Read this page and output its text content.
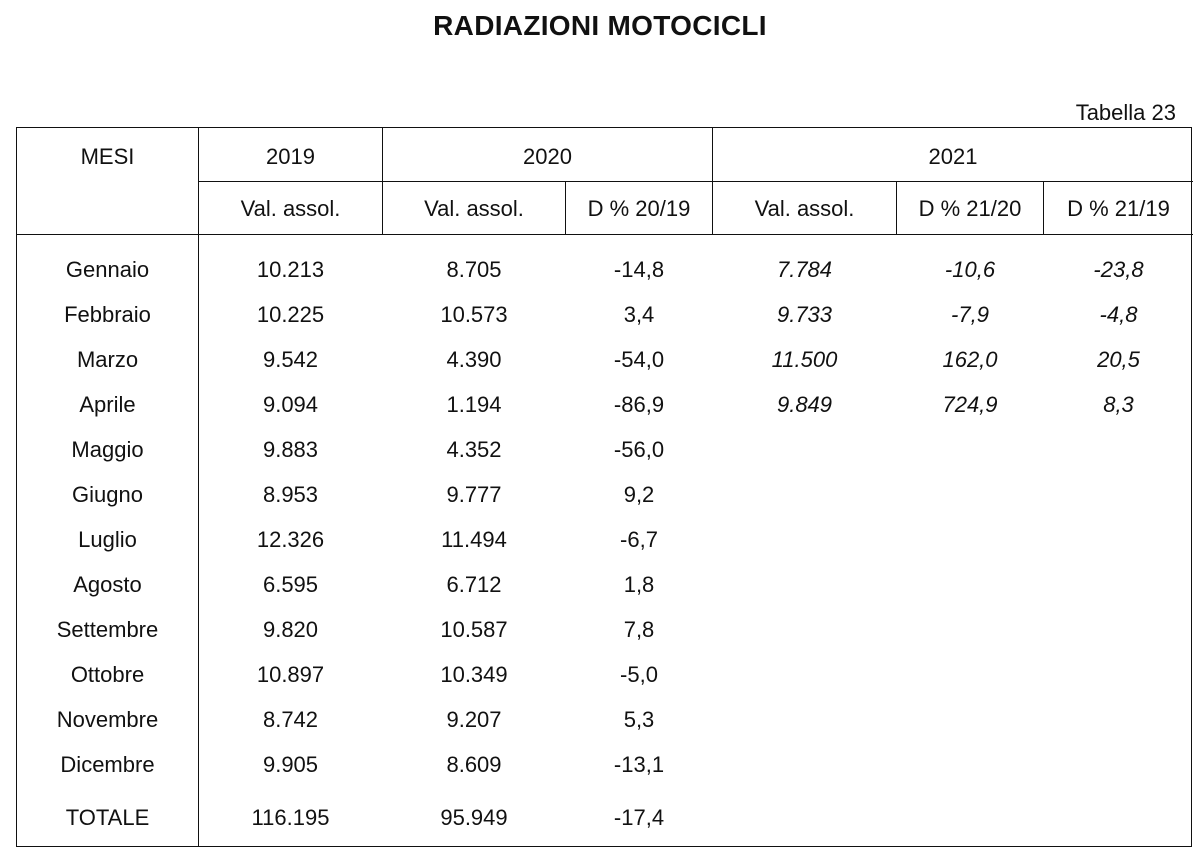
RADIAZIONI MOTOCICLI
Tabella 23
MESI	2019	2020	2021
Val. assol.	Val. assol.	D % 20/19	Val. assol.	D % 21/20	D % 21/19
Gennaio	10.213	8.705	-14,8	7.784	-10,6	-23,8
Febbraio	10.225	10.573	3,4	9.733	-7,9	-4,8
Marzo	9.542	4.390	-54,0	11.500	162,0	20,5
Aprile	9.094	1.194	-86,9	9.849	724,9	8,3
Maggio	9.883	4.352	-56,0
Giugno	8.953	9.777	9,2
Luglio	12.326	11.494	-6,7
Agosto	6.595	6.712	1,8
Settembre	9.820	10.587	7,8
Ottobre	10.897	10.349	-5,0
Novembre	8.742	9.207	5,3
Dicembre	9.905	8.609	-13,1
TOTALE	116.195	95.949	-17,4
